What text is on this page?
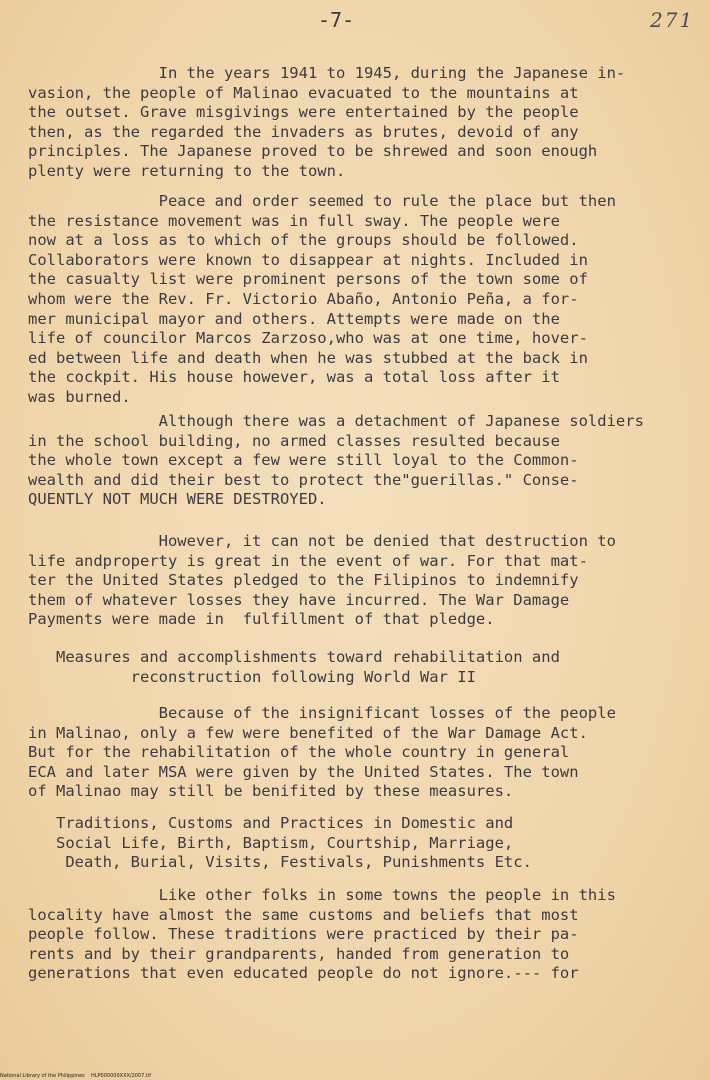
-7-	271

In the years 1941 to 1945, during the Japanese in-
vasion, the people of Malinao evacuated to the mountains at
the outset. Grave misgivings were entertained by the people
then, as the regarded the invaders as brutes, devoid of any
principles. The Japanese proved to be shrewed and soon enough
plenty were returning to the town.

Peace and order seemed to rule the place but then
the resistance movement was in full sway. The people were
now at a loss as to which of the groups should be followed.
Collaborators were known to disappear at nights. Included in
the casualty list were prominent persons of the town some of
whom were the Rev. Fr. Victorio Abaño, Antonio Peña, a for-
mer municipal mayor and others. Attempts were made on the
life of councilor Marcos Zarzoso,who was at one time, hover-
ed between life and death when he was stubbed at the back in
the cockpit. His house however, was a total loss after it
was burned.

Although there was a detachment of Japanese soldiers
in the school building, no armed classes resulted because
the whole town except a few were still loyal to the Common-
wealth and did their best to protect the"guerillas." Conse-
QUENTLY NOT MUCH WERE DESTROYED.

However, it can not be denied that destruction to
life andproperty is great in the event of war. For that mat-
ter the United States pledged to the Filipinos to indemnify
them of whatever losses they have incurred. The War Damage
Payments were made in  fulfillment of that pledge.

Measures and accomplishments toward rehabilitation and
reconstruction following World War II

Because of the insignificant losses of the people
in Malinao, only a few were benefited of the War Damage Act.
But for the rehabilitation of the whole country in general
ECA and later MSA were given by the United States. The town
of Malinao may still be benifited by these measures.

Traditions, Customs and Practices in Domestic and
Social Life, Birth, Baptism, Courtship, Marriage,
Death, Burial, Visits, Festivals, Punishments Etc.

Like other folks in some towns the people in this
locality have almost the same customs and beliefs that most
people follow. These traditions were practiced by their pa-
rents and by their grandparents, handed from generation to
generations that even educated people do not ignore.--- for

National Library of the Philippines    HLP000000XXX/2007.tif
